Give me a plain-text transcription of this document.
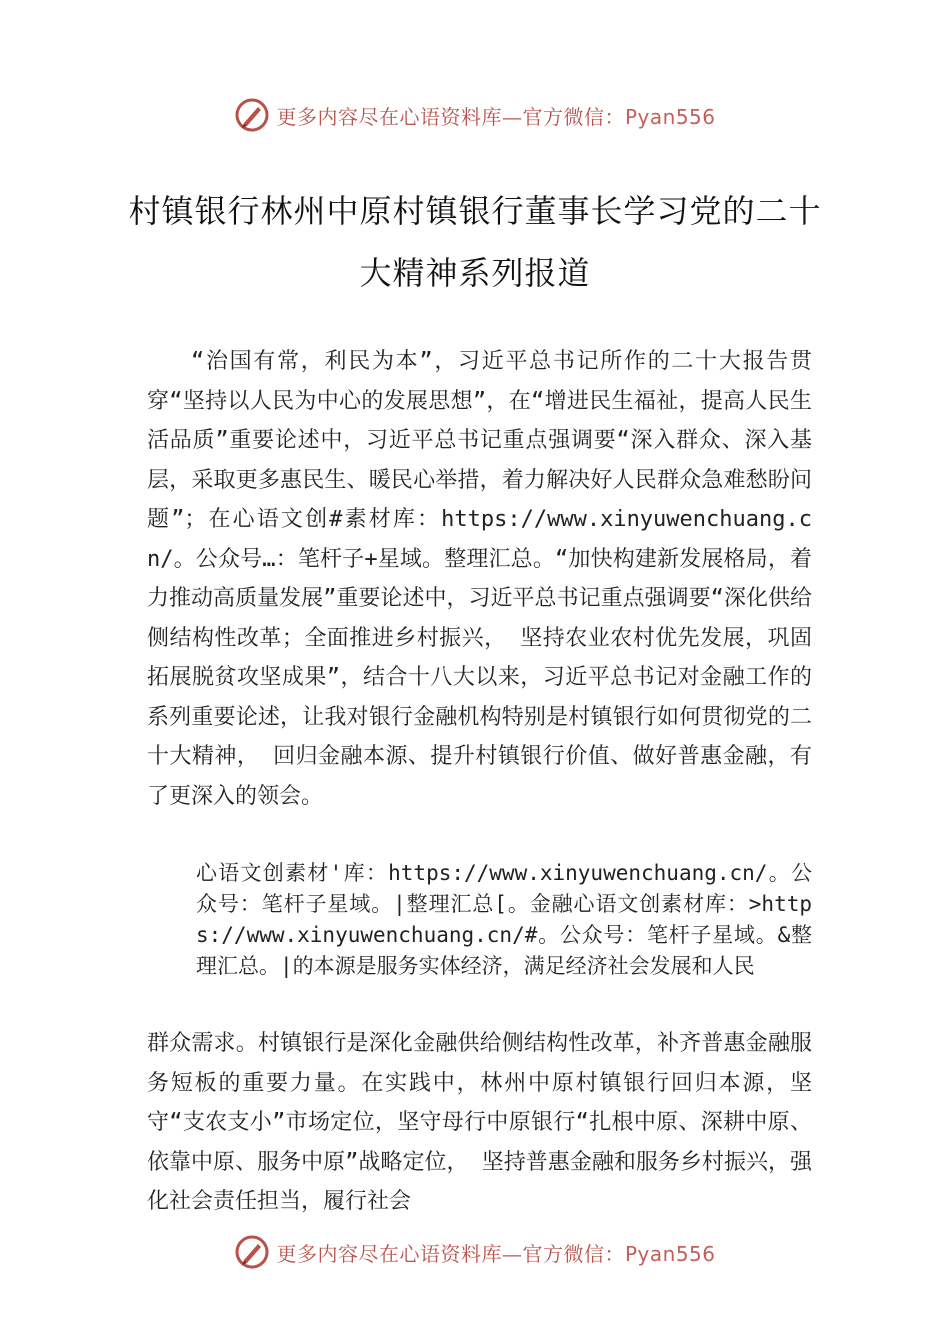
更多内容尽在心语资料库—官方微信：Pyan556
村镇银行林州中原村镇银行董事长学习党的二十大精神系列报道

“治国有常，利民为本”，习近平总书记所作的二十大报告贯穿“坚持以人民为中心的发展思想”，在“增进民生福祉，提高人民生活品质”重要论述中，习近平总书记重点强调要“深入群众、深入基层，采取更多惠民生、暖民心举措，着力解决好人民群众急难愁盼问题”；在心语文创#素材库：https://www.xinyuwenchuang.cn/。公众号…：笔杆子+星域。整理汇总。“加快构建新发展格局，着力推动高质量发展”重要论述中，习近平总书记重点强调要“深化供给侧结构性改革；全面推进乡村振兴， 坚持农业农村优先发展，巩固拓展脱贫攻坚成果”，结合十八大以来，习近平总书记对金融工作的系列重要论述，让我对银行金融机构特别是村镇银行如何贯彻党的二十大精神， 回归金融本源、提升村镇银行价值、做好普惠金融，有了更深入的领会。

心语文创素材'库：https://www.xinyuwenchuang.cn/。公众号：笔杆子星域。|整理汇总[。金融心语文创素材库：>https://www.xinyuwenchuang.cn/#。公众号：笔杆子星域。&整理汇总。|的本源是服务实体经济，满足经济社会发展和人民

群众需求。村镇银行是深化金融供给侧结构性改革，补齐普惠金融服务短板的重要力量。在实践中，林州中原村镇银行回归本源，坚守“支农支小”市场定位，坚守母行中原银行“扎根中原、深耕中原、依靠中原、服务中原”战略定位， 坚持普惠金融和服务乡村振兴，强化社会责任担当，履行社会

更多内容尽在心语资料库—官方微信：Pyan556
